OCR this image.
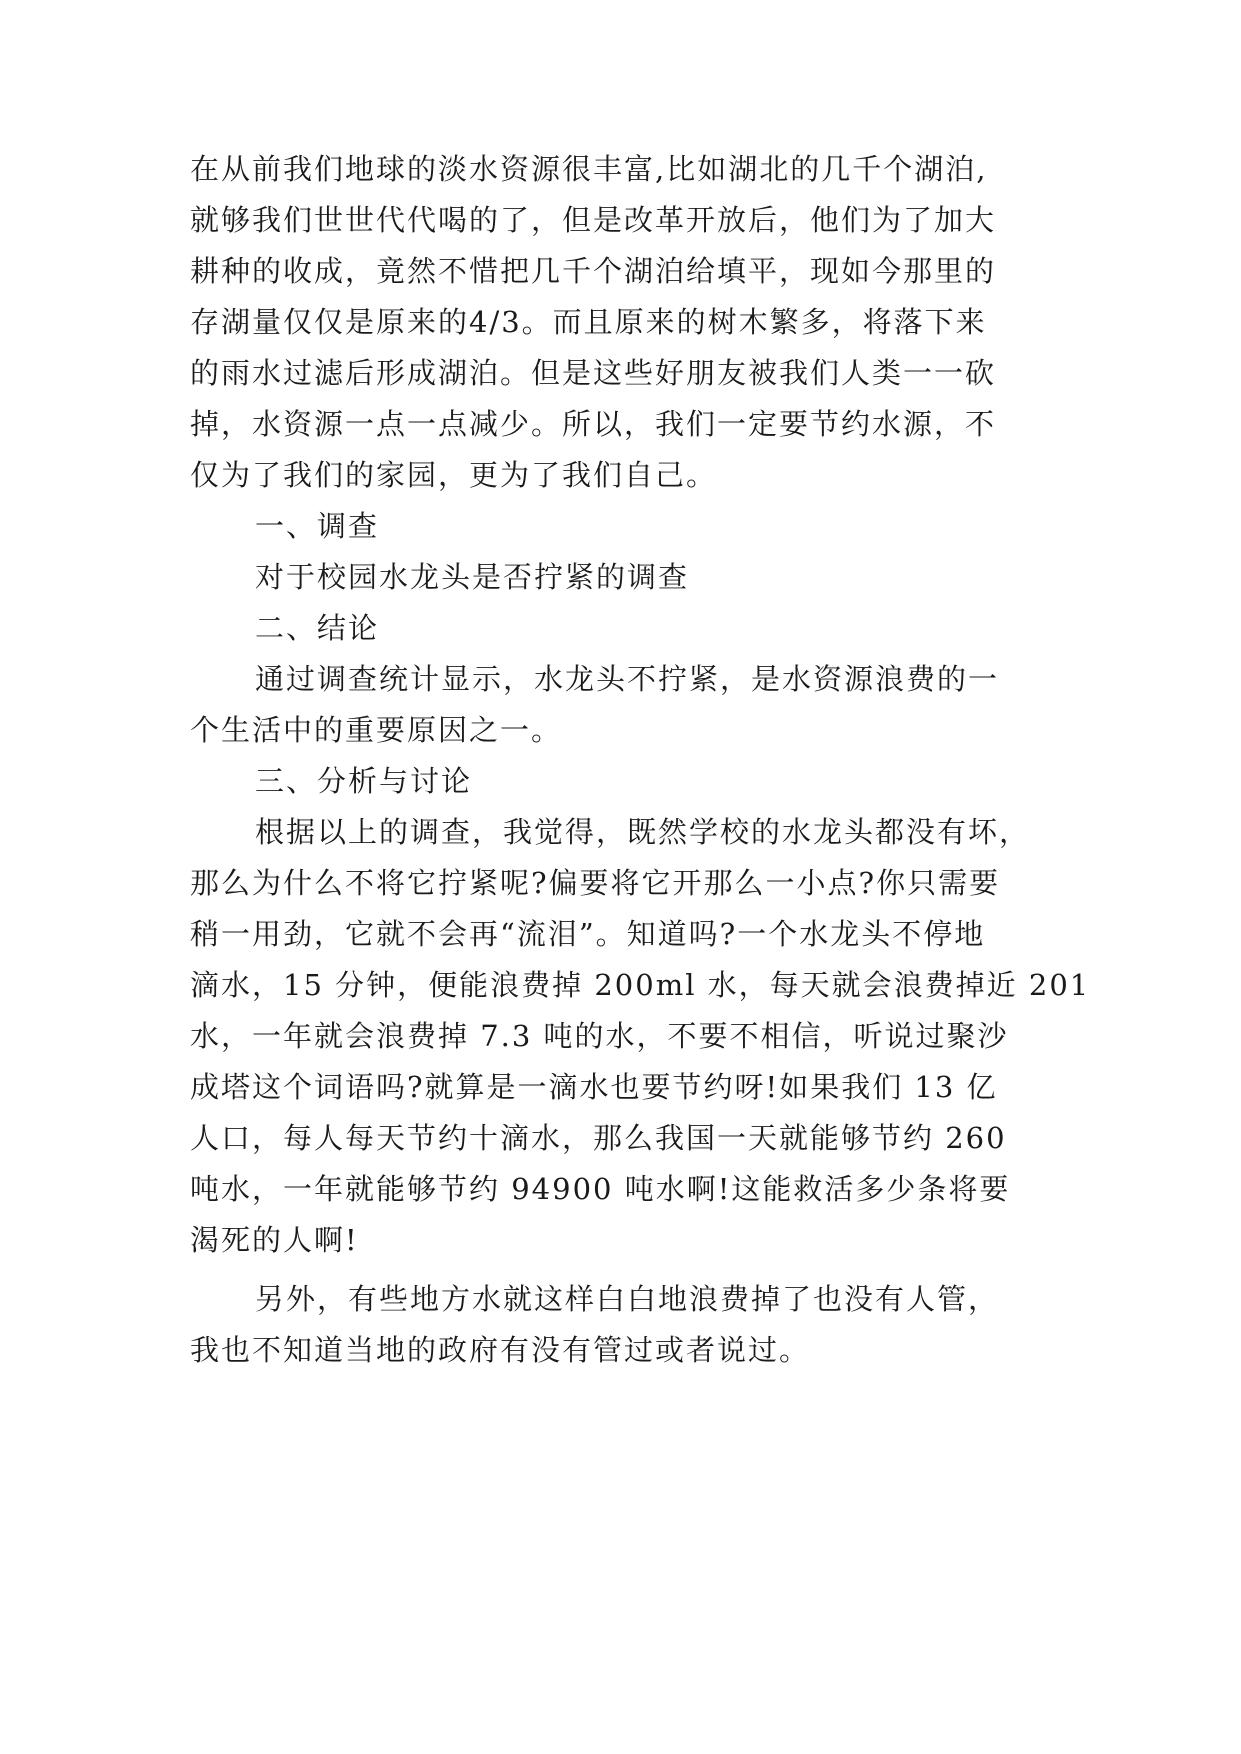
在从前我们地球的淡水资源很丰富,比如湖北的几千个湖泊,
就够我们世世代代喝的了，但是改革开放后，他们为了加大
耕种的收成，竟然不惜把几千个湖泊给填平，现如今那里的
存湖量仅仅是原来的4/3。而且原来的树木繁多，将落下来
的雨水过滤后形成湖泊。但是这些好朋友被我们人类一一砍
掉，水资源一点一点减少。所以，我们一定要节约水源，不
仅为了我们的家园，更为了我们自己。
一、调查
对于校园水龙头是否拧紧的调查
二、结论
通过调查统计显示，水龙头不拧紧，是水资源浪费的一
个生活中的重要原因之一。
三、分析与讨论
根据以上的调查，我觉得，既然学校的水龙头都没有坏，
那么为什么不将它拧紧呢?偏要将它开那么一小点?你只需要
稍一用劲，它就不会再“流泪”。知道吗?一个水龙头不停地
滴水，15 分钟，便能浪费掉 200ml 水，每天就会浪费掉近 201
水，一年就会浪费掉 7.3 吨的水，不要不相信，听说过聚沙
成塔这个词语吗?就算是一滴水也要节约呀!如果我们 13 亿
人口，每人每天节约十滴水，那么我国一天就能够节约 260
吨水，一年就能够节约 94900 吨水啊!这能救活多少条将要
渴死的人啊!
另外，有些地方水就这样白白地浪费掉了也没有人管，
我也不知道当地的政府有没有管过或者说过。
